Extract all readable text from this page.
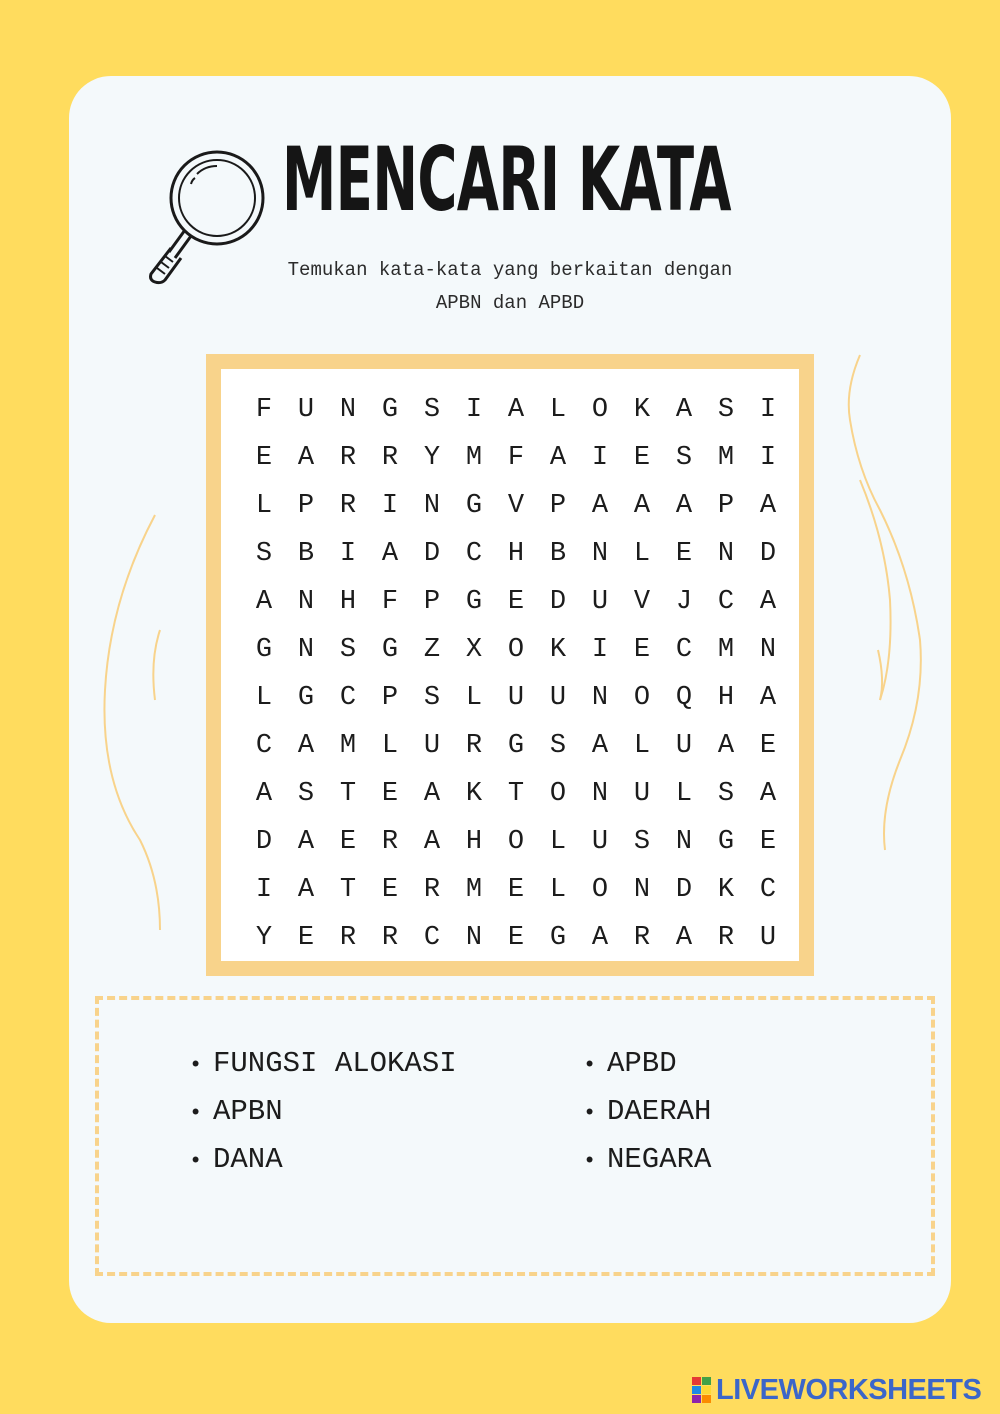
MENCARI KATA
Temukan kata-kata yang berkaitan dengan
APBN dan APBD
F U N G S I A L O K A S I
E A R R Y M F A I E S M I
L P R I N G V P A A A P A
S B I A D C H B N L E N D
A N H F P G E D U V J C A
G N S G Z X O K I E C M N
L G C P S L U U N O Q H A
C A M L U R G S A L U A E
A S T E A K T O N U L S A
D A E R A H O L U S N G E
I A T E R M E L O N D K C
Y E R R C N E G A R A R U
• FUNGSI ALOKASI	• APBD
• APBN	• DAERAH
• DANA	• NEGARA
LIVEWORKSHEETS
